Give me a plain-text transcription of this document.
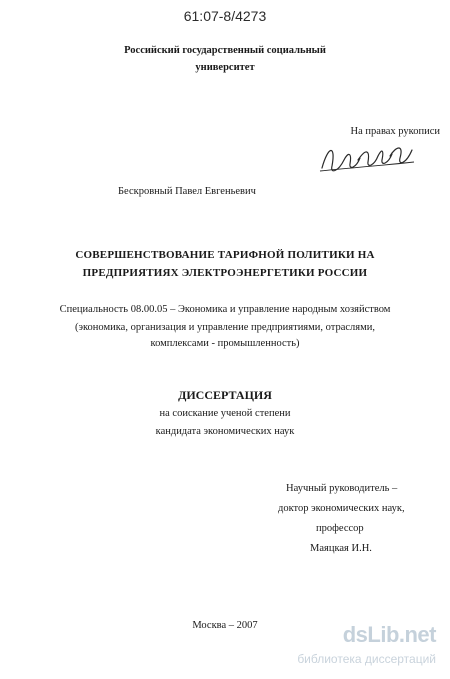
61:07-8/4273
Российский государственный социальный
университет
На правах рукописи
Бескровный Павел Евгеньевич
СОВЕРШЕНСТВОВАНИЕ ТАРИФНОЙ ПОЛИТИКИ НА
ПРЕДПРИЯТИЯХ ЭЛЕКТРОЭНЕРГЕТИКИ РОССИИ
Специальность 08.00.05 – Экономика и управление народным хозяйством
(экономика, организация и управление предприятиями, отраслями,
комплексами - промышленность)
ДИССЕРТАЦИЯ
на соискание ученой степени
кандидата экономических наук
Научный руководитель –
доктор экономических наук,
профессор
Маяцкая И.Н.
Москва – 2007	dsLib.net
библиотека диссертаций
